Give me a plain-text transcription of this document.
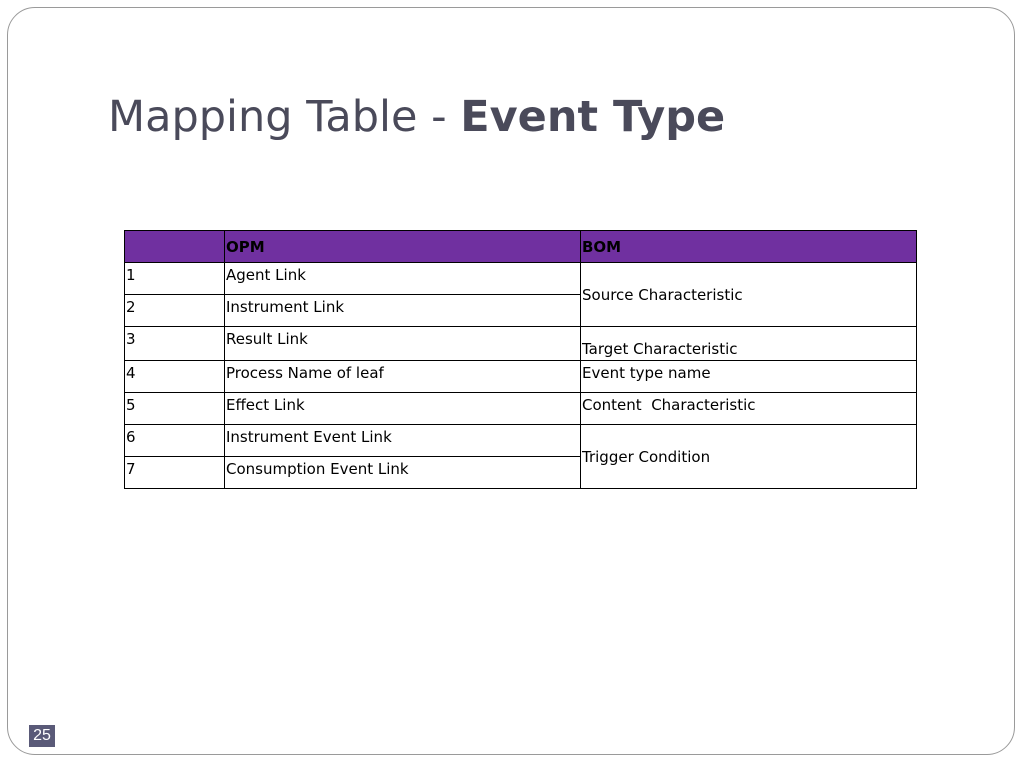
Mapping Table - Event Type
	OPM	BOM
1	Agent Link	Source Characteristic
2	Instrument Link	
3	Result Link	Target Characteristic
4	Process Name of leaf	Event type name
5	Effect Link	Content  Characteristic
6	Instrument Event Link	Trigger Condition
7	Consumption Event Link	
25
